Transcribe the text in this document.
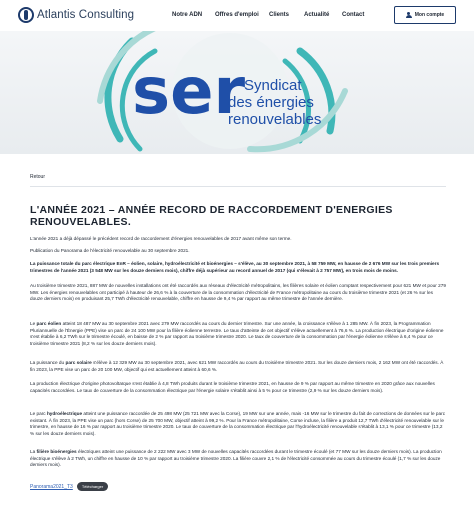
Atlantis Consulting	Notre ADN Offres d'emploi Clients Actualité Contact	Mon compte
ser
Syndicat
des énergies
renouvelables
Retour
L'ANNÉE 2021 – ANNÉE RECORD DE RACCORDEMENT D'ENERGIES RENOUVELABLES.
L'année 2021 a déjà dépassé le précédent record de raccordement d'énergies renouvelables de 2017 avant même son terme.
Publication du Panorama de l'électricité renouvelable au 30 septembre 2021.
La puissance totale du parc électrique EnR – éolien, solaire, hydroélectricité et bioénergies – s'élève, au 30 septembre 2021, à 58 759 MW, en hausse de 2 676 MW sur les trois premiers trimestres de l'année 2021 (3 548 MW sur les douze derniers mois), chiffre déjà supérieur au record annuel de 2017 (qui s'élevait à 2 757 MW), en trois mois de moins.
Au troisième trimestre 2021, 887 MW de nouvelles installations ont été raccordés aux réseaux d'électricité métropolitains, les filières solaire et éolien comptant respectivement pour 621 MW et pour 279 MW. Les énergies renouvelables ont participé à hauteur de 26,6 % à la couverture de la consommation d'électricité de France métropolitaine au cours du troisième trimestre 2021 (et 26 % sur les douze derniers mois) en produisant 25,7 TWh d'électricité renouvelable, chiffre en hausse de 9,4 % par rapport au même trimestre de l'année dernière.
Le parc éolien atteint 18 487 MW au 30 septembre 2021 avec 279 MW raccordés au cours du dernier trimestre. Sur une année, la croissance s'élève à 1 285 MW. À fin 2023, la Programmation Pluriannuelle de l'Énergie (PPE) vise un parc de 24 100 MW pour la filière éolienne terrestre. Le taux d'atteinte de cet objectif s'élève actuellement à 76,6 %. La production électrique d'origine éolienne s'est établie à 6,2 TWh sur le trimestre écoulé, en baisse de 2 % par rapport au troisième trimestre 2020. Le taux de couverture de la consommation par l'énergie éolienne s'élève à 6,4 % pour ce troisième trimestre 2021 (8,2 % sur les douze derniers mois).
La puissance du parc solaire s'élève à 12 329 MW au 30 septembre 2021, avec 621 MW raccordés au cours du troisième trimestre 2021. Sur les douze derniers mois, 2 162 MW ont été raccordés. À fin 2023, la PPE vise un parc de 20 100 MW, objectif qui est actuellement atteint à 60,6 %.
La production électrique d'origine photovoltaïque s'est établie à 4,8 TWh produits durant le troisième trimestre 2021, en hausse de 9 % par rapport au même trimestre en 2020 grâce aux nouvelles capacités raccordées. Le taux de couverture de la consommation électrique par l'énergie solaire s'établit ainsi à 5 % pour ce trimestre (2,9 % sur les douze derniers mois).
Le parc hydroélectrique atteint une puissance raccordée de 25 498 MW (25 721 MW avec la Corse), 19 MW sur une année, mais -16 MW sur le trimestre du fait de corrections de données sur le parc existant. À fin 2023, la PPE vise un parc (hors Corse) de 25 700 MW, objectif atteint à 99,2 %. Pour la France métropolitaine, Corse incluse, la filière a produit 12,7 TWh d'électricité renouvelable sur le trimestre, en hausse de 16 % par rapport au troisième trimestre 2020. Le taux de couverture de la consommation électrique par l'hydroélectricité renouvelable s'établit à 13,1 % pour ce trimestre (13,2 % sur les douze derniers mois).
La filière bioénergies électriques atteint une puissance de 2 222 MW avec 3 MW de nouvelles capacités raccordées durant le trimestre écoulé (et 77 MW sur les douze derniers mois). La production électrique s'élève à 2 TWh, un chiffre en hausse de 10 % par rapport au troisième trimestre 2020. La filière couvre 2,1 % de l'électricité consommée au cours du trimestre écoulé (1,7 % sur les douze derniers mois).
Panorama2021_T3	Télécharger
